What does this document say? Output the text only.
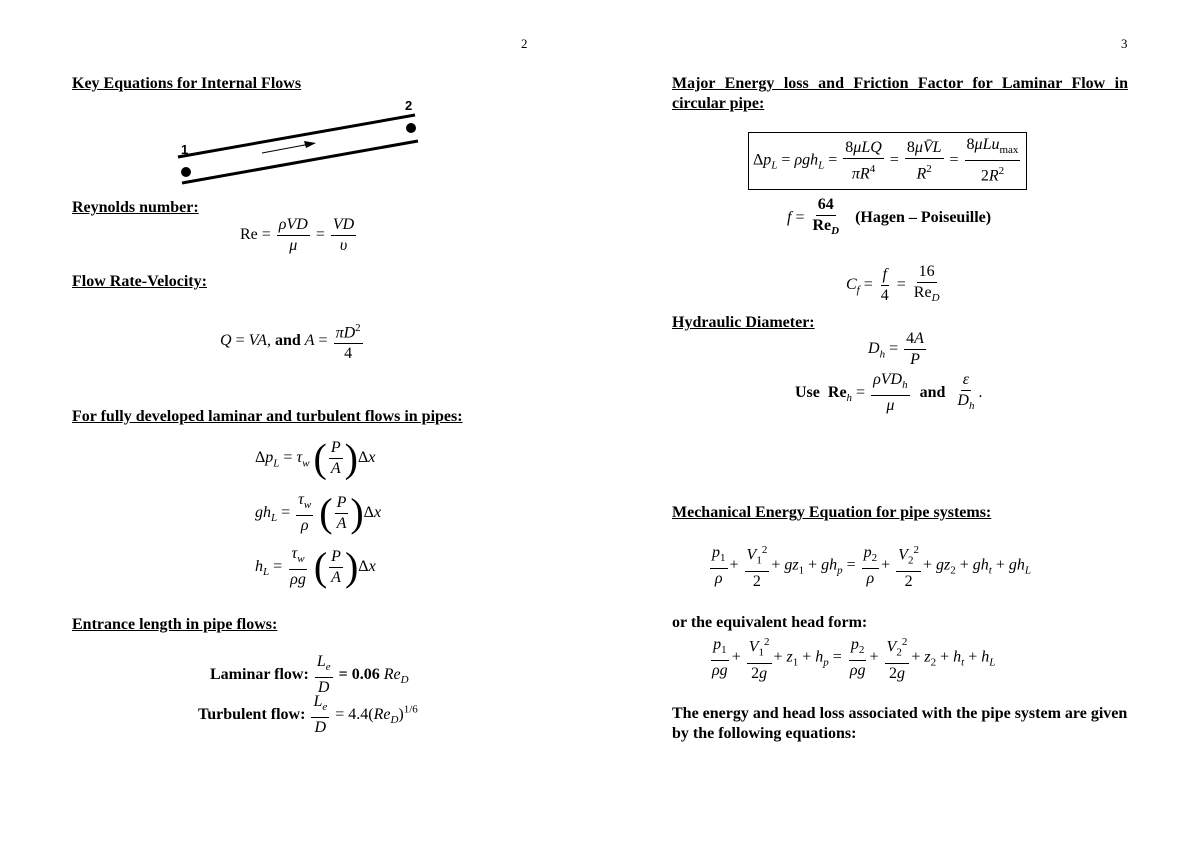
2	3
Key Equations for Internal Flows
1
2
Reynolds number:
$Re = \frac{\text{ρVD}}{\mu} = \frac{VD}{\upsilon}$
Flow Rate-Velocity:
Q = VA, and $A = \frac{\pi D^2}{4}$
For fully developed laminar and turbulent flows in pipes:
$\Delta p_L = \tau_w$ ( $\frac{P}{A} )\Delta x$
$gh_L = \frac{\tau_w}{\rho}$ ( $\frac{P}{A} )\Delta x$
$h_L = \frac{\tau_w}{\rho g}$ ( $\frac{P}{A} )\Delta x$
Entrance length in pipe flows:
Laminar flow: $\frac{L_e}{D} = 0.06$ $Re_D$
Turbulent flow: $\frac{L_e}{D} = 4.4(Re_D)^{1/6}$
Major Energy loss and Friction Factor for Laminar Flow in circular pipe:
$\Delta p_L = \rho gh_L = \frac{\text{8μLQ}}{\pi R^4} = \frac{8\mu V̄L}{R^2} = \frac{8\mu Lu_{max}}{2R^2}$
$f = \frac{64}{Re_D}$ (Hagen – Poiseuille)
$C_f = \frac{f}{4} = \frac{16}{Re_D}$
Hydraulic Diameter:
$D_h = \frac{4A}{P}$
Use $Re_h = \frac{\rho VD_h}{\mu}$ and $\frac{\varepsilon}{D_h}$ .
Mechanical Energy Equation for pipe systems:
$\frac{p_1}{\rho} + \frac{V_1^2}{2} + gz_1 + gh_p = \frac{p_2}{\rho} + \frac{V_2^2}{2} + gz_2 + gh_t + gh_L$
or the equivalent head form:
$\frac{p_1}{\rho g} + \frac{V_1^2}{2g} + z_1 + h_p = \frac{p_2}{\rho g} + \frac{V_2^2}{2g} + z_2 + h_t + h_L$
The energy and head loss associated with the pipe system are given by the following equations:
